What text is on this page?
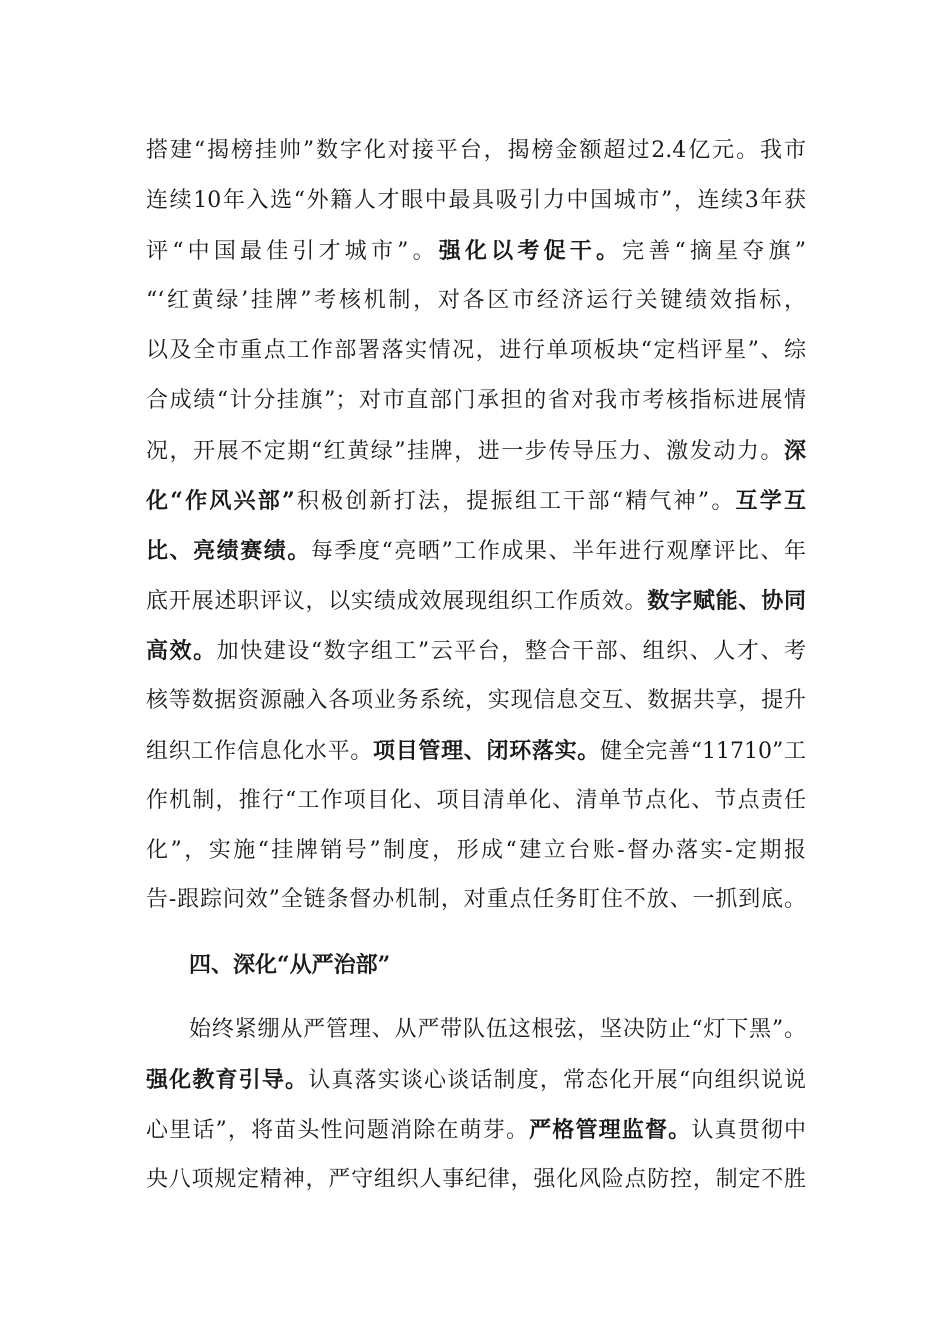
搭建“揭榜挂帅”数字化对接平台，揭榜金额超过2.4亿元。我市
连续10年入选“外籍人才眼中最具吸引力中国城市”，连续3年获
评“中国最佳引才城市”。强化以考促干。完善“摘星夺旗”
“‘红黄绿’挂牌”考核机制，对各区市经济运行关键绩效指标，
以及全市重点工作部署落实情况，进行单项板块“定档评星”、综
合成绩“计分挂旗”；对市直部门承担的省对我市考核指标进展情
况，开展不定期“红黄绿”挂牌，进一步传导压力、激发动力。深
化“作风兴部”积极创新打法，提振组工干部“精气神”。互学互
比、亮绩赛绩。每季度“亮晒”工作成果、半年进行观摩评比、年
底开展述职评议，以实绩成效展现组织工作质效。数字赋能、协同
高效。加快建设“数字组工”云平台，整合干部、组织、人才、考
核等数据资源融入各项业务系统，实现信息交互、数据共享，提升
组织工作信息化水平。项目管理、闭环落实。健全完善“11710”工
作机制，推行“工作项目化、项目清单化、清单节点化、节点责任
化”，实施“挂牌销号”制度，形成“建立台账-督办落实-定期报
告-跟踪问效”全链条督办机制，对重点任务盯住不放、一抓到底。
四、深化“从严治部”
始终紧绷从严管理、从严带队伍这根弦，坚决防止“灯下黑”。
强化教育引导。认真落实谈心谈话制度，常态化开展“向组织说说
心里话”，将苗头性问题消除在萌芽。严格管理监督。认真贯彻中
央八项规定精神，严守组织人事纪律，强化风险点防控，制定不胜
